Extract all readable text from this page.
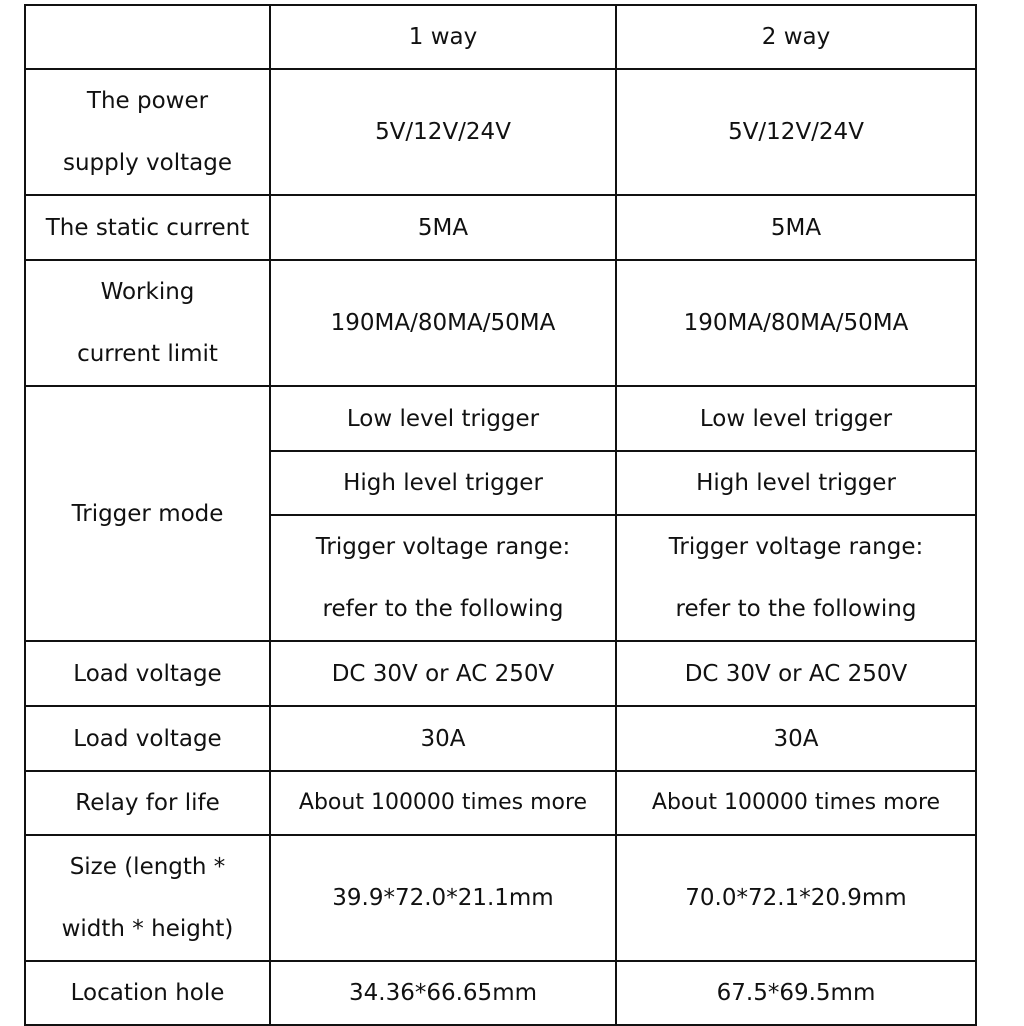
	1 way	2 way
The power supply voltage	5V/12V/24V	5V/12V/24V
The static current	5MA	5MA
Working current limit	190MA/80MA/50MA	190MA/80MA/50MA
Trigger mode	Low level trigger	Low level trigger
	High level trigger	High level trigger
	Trigger voltage range: refer to the following	Trigger voltage range: refer to the following
Load voltage	DC 30V or AC 250V	DC 30V or AC 250V
Load voltage	30A	30A
Relay for life	About 100000 times more	About 100000 times more
Size (length * width * height)	39.9*72.0*21.1mm	70.0*72.1*20.9mm
Location hole	34.36*66.65mm	67.5*69.5mm
